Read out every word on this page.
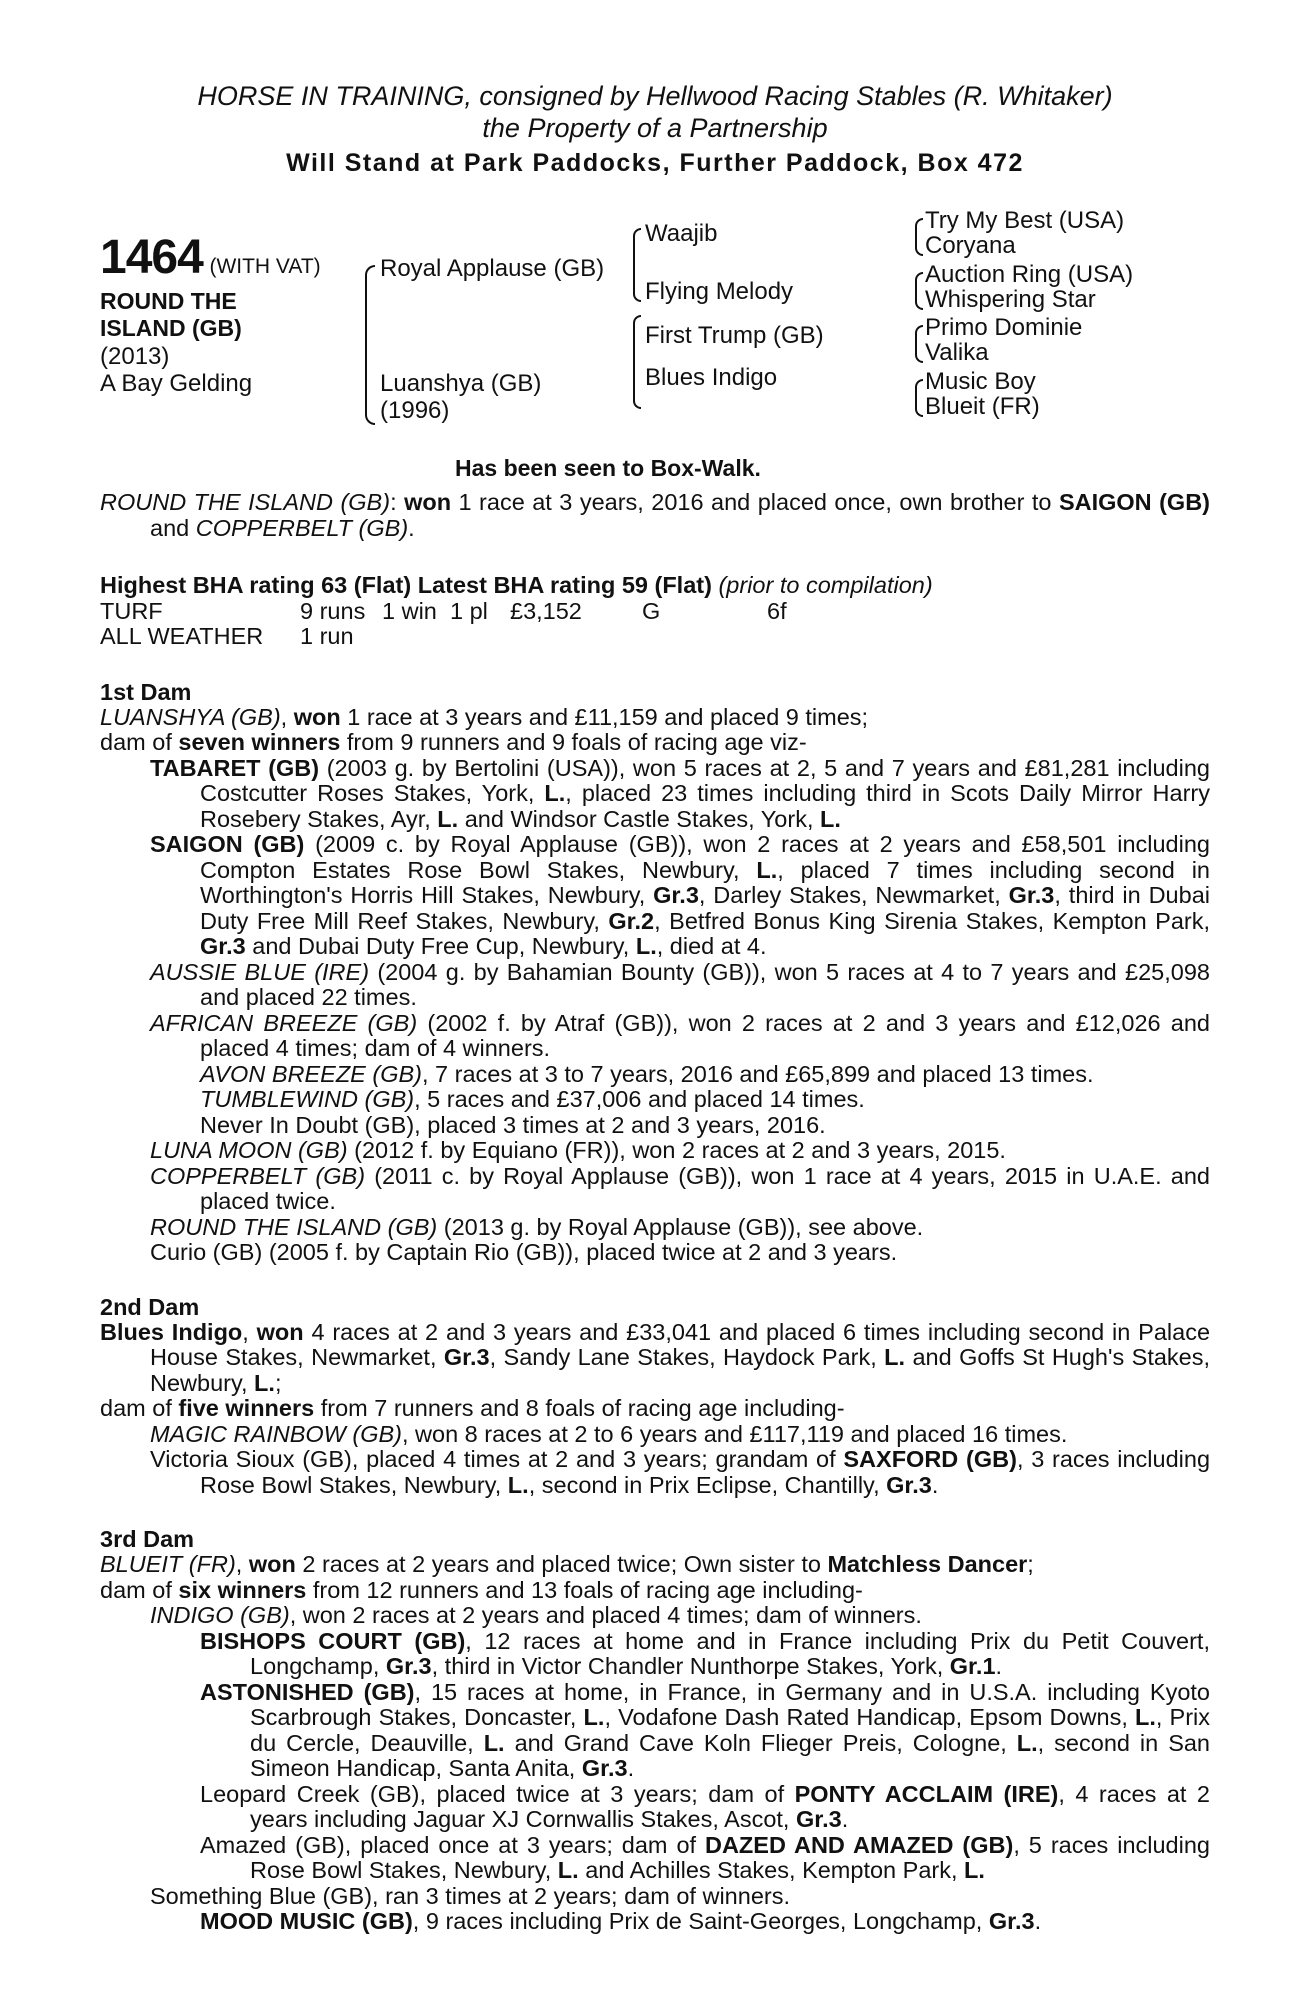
HORSE IN TRAINING, consigned by Hellwood Racing Stables (R. Whitaker)
the Property of a Partnership
Will Stand at Park Paddocks, Further Paddock, Box 472
1464 (WITH VAT)
ROUND THE
ISLAND (GB)
(2013)
A Bay Gelding
Royal Applause (GB)
Luanshya (GB)
(1996)
Waajib
Flying Melody
First Trump (GB)
Blues Indigo
Try My Best (USA)
Coryana
Auction Ring (USA)
Whispering Star
Primo Dominie
Valika
Music Boy
Blueit (FR)
Has been seen to Box-Walk.
ROUND THE ISLAND (GB): won 1 race at 3 years, 2016 and placed once, own brother to SAIGON (GB) and COPPERBELT (GB).
Highest BHA rating 63 (Flat) Latest BHA rating 59 (Flat) (prior to compilation)
TURF	9 runs 1 win 1 pl £3,152	G	6f
ALL WEATHER	1 run
1st Dam
LUANSHYA (GB), won 1 race at 3 years and £11,159 and placed 9 times;
dam of seven winners from 9 runners and 9 foals of racing age viz-
TABARET (GB) (2003 g. by Bertolini (USA)), won 5 races at 2, 5 and 7 years and £81,281 including Costcutter Roses Stakes, York, L., placed 23 times including third in Scots Daily Mirror Harry Rosebery Stakes, Ayr, L. and Windsor Castle Stakes, York, L.
SAIGON (GB) (2009 c. by Royal Applause (GB)), won 2 races at 2 years and £58,501 including Compton Estates Rose Bowl Stakes, Newbury, L., placed 7 times including second in Worthington's Horris Hill Stakes, Newbury, Gr.3, Darley Stakes, Newmarket, Gr.3, third in Dubai Duty Free Mill Reef Stakes, Newbury, Gr.2, Betfred Bonus King Sirenia Stakes, Kempton Park, Gr.3 and Dubai Duty Free Cup, Newbury, L., died at 4.
AUSSIE BLUE (IRE) (2004 g. by Bahamian Bounty (GB)), won 5 races at 4 to 7 years and £25,098 and placed 22 times.
AFRICAN BREEZE (GB) (2002 f. by Atraf (GB)), won 2 races at 2 and 3 years and £12,026 and placed 4 times; dam of 4 winners.
AVON BREEZE (GB), 7 races at 3 to 7 years, 2016 and £65,899 and placed 13 times.
TUMBLEWIND (GB), 5 races and £37,006 and placed 14 times.
Never In Doubt (GB), placed 3 times at 2 and 3 years, 2016.
LUNA MOON (GB) (2012 f. by Equiano (FR)), won 2 races at 2 and 3 years, 2015.
COPPERBELT (GB) (2011 c. by Royal Applause (GB)), won 1 race at 4 years, 2015 in U.A.E. and placed twice.
ROUND THE ISLAND (GB) (2013 g. by Royal Applause (GB)), see above.
Curio (GB) (2005 f. by Captain Rio (GB)), placed twice at 2 and 3 years.
2nd Dam
Blues Indigo, won 4 races at 2 and 3 years and £33,041 and placed 6 times including second in Palace House Stakes, Newmarket, Gr.3, Sandy Lane Stakes, Haydock Park, L. and Goffs St Hugh's Stakes, Newbury, L.;
dam of five winners from 7 runners and 8 foals of racing age including-
MAGIC RAINBOW (GB), won 8 races at 2 to 6 years and £117,119 and placed 16 times.
Victoria Sioux (GB), placed 4 times at 2 and 3 years; grandam of SAXFORD (GB), 3 races including Rose Bowl Stakes, Newbury, L., second in Prix Eclipse, Chantilly, Gr.3.
3rd Dam
BLUEIT (FR), won 2 races at 2 years and placed twice; Own sister to Matchless Dancer;
dam of six winners from 12 runners and 13 foals of racing age including-
INDIGO (GB), won 2 races at 2 years and placed 4 times; dam of winners.
BISHOPS COURT (GB), 12 races at home and in France including Prix du Petit Couvert, Longchamp, Gr.3, third in Victor Chandler Nunthorpe Stakes, York, Gr.1.
ASTONISHED (GB), 15 races at home, in France, in Germany and in U.S.A. including Kyoto Scarbrough Stakes, Doncaster, L., Vodafone Dash Rated Handicap, Epsom Downs, L., Prix du Cercle, Deauville, L. and Grand Cave Koln Flieger Preis, Cologne, L., second in San Simeon Handicap, Santa Anita, Gr.3.
Leopard Creek (GB), placed twice at 3 years; dam of PONTY ACCLAIM (IRE), 4 races at 2 years including Jaguar XJ Cornwallis Stakes, Ascot, Gr.3.
Amazed (GB), placed once at 3 years; dam of DAZED AND AMAZED (GB), 5 races including Rose Bowl Stakes, Newbury, L. and Achilles Stakes, Kempton Park, L.
Something Blue (GB), ran 3 times at 2 years; dam of winners.
MOOD MUSIC (GB), 9 races including Prix de Saint-Georges, Longchamp, Gr.3.
